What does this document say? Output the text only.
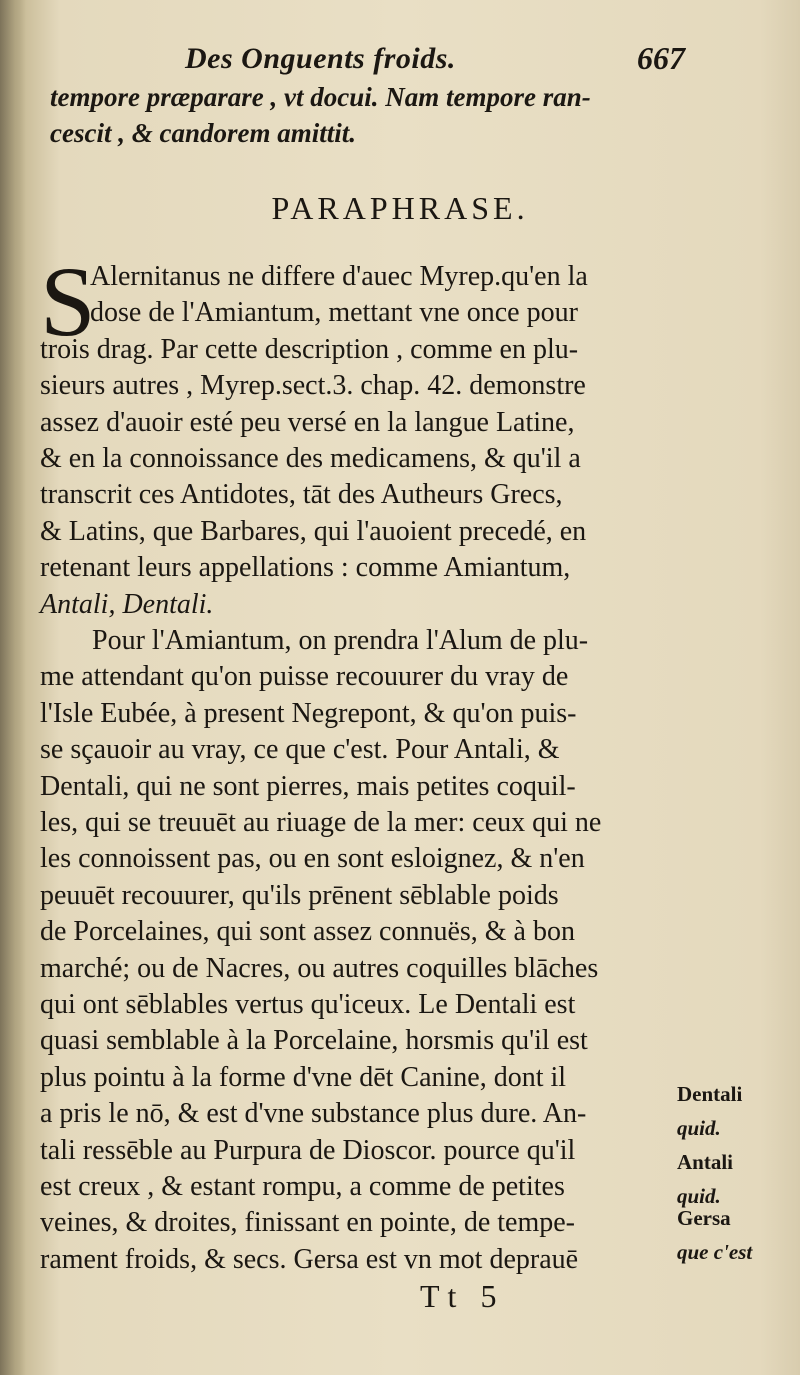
Des Onguents froids.	667
tempore præparare , vt docui. Nam tempore ran-
cescit , & candorem amittit.
PARAPHRASE.
S
Alernitanus ne differe d'auec Myrep.qu'en la
dose de l'Amiantum, mettant vne once pour
trois drag. Par cette description , comme en plu-
sieurs autres , Myrep.sect.3. chap. 42. demonstre
assez d'auoir esté peu versé en la langue Latine,
& en la connoissance des medicamens, & qu'il a
transcrit ces Antidotes, tāt des Autheurs Grecs,
& Latins, que Barbares, qui l'auoient precedé, en
retenant leurs appellations : comme Amiantum,
Antali, Dentali.
Pour l'Amiantum, on prendra l'Alum de plu-
me attendant qu'on puisse recouurer du vray de
l'Isle Eubée, à present Negrepont, & qu'on puis-
se sçauoir au vray, ce que c'est. Pour Antali, &
Dentali, qui ne sont pierres, mais petites coquil-
les, qui se treuuēt au riuage de la mer: ceux qui ne
les connoissent pas, ou en sont esloignez, & n'en
peuuēt recouurer, qu'ils prēnent sēblable poids
de Porcelaines, qui sont assez connuës, & à bon
marché; ou de Nacres, ou autres coquilles blāches
qui ont sēblables vertus qu'iceux. Le Dentali est
quasi semblable à la Porcelaine, horsmis qu'il est
plus pointu à la forme d'vne dēt Canine, dont il
a pris le nō, & est d'vne substance plus dure. An-
tali ressēble au Purpura de Dioscor. pource qu'il
est creux , & estant rompu, a comme de petites
veines, & droites, finissant en pointe, de tempe-
rament froids, & secs. Gersa est vn mot deprauē
Dentali
quid.
Antali
quid.
Gersa
que c'est
Tt 5
